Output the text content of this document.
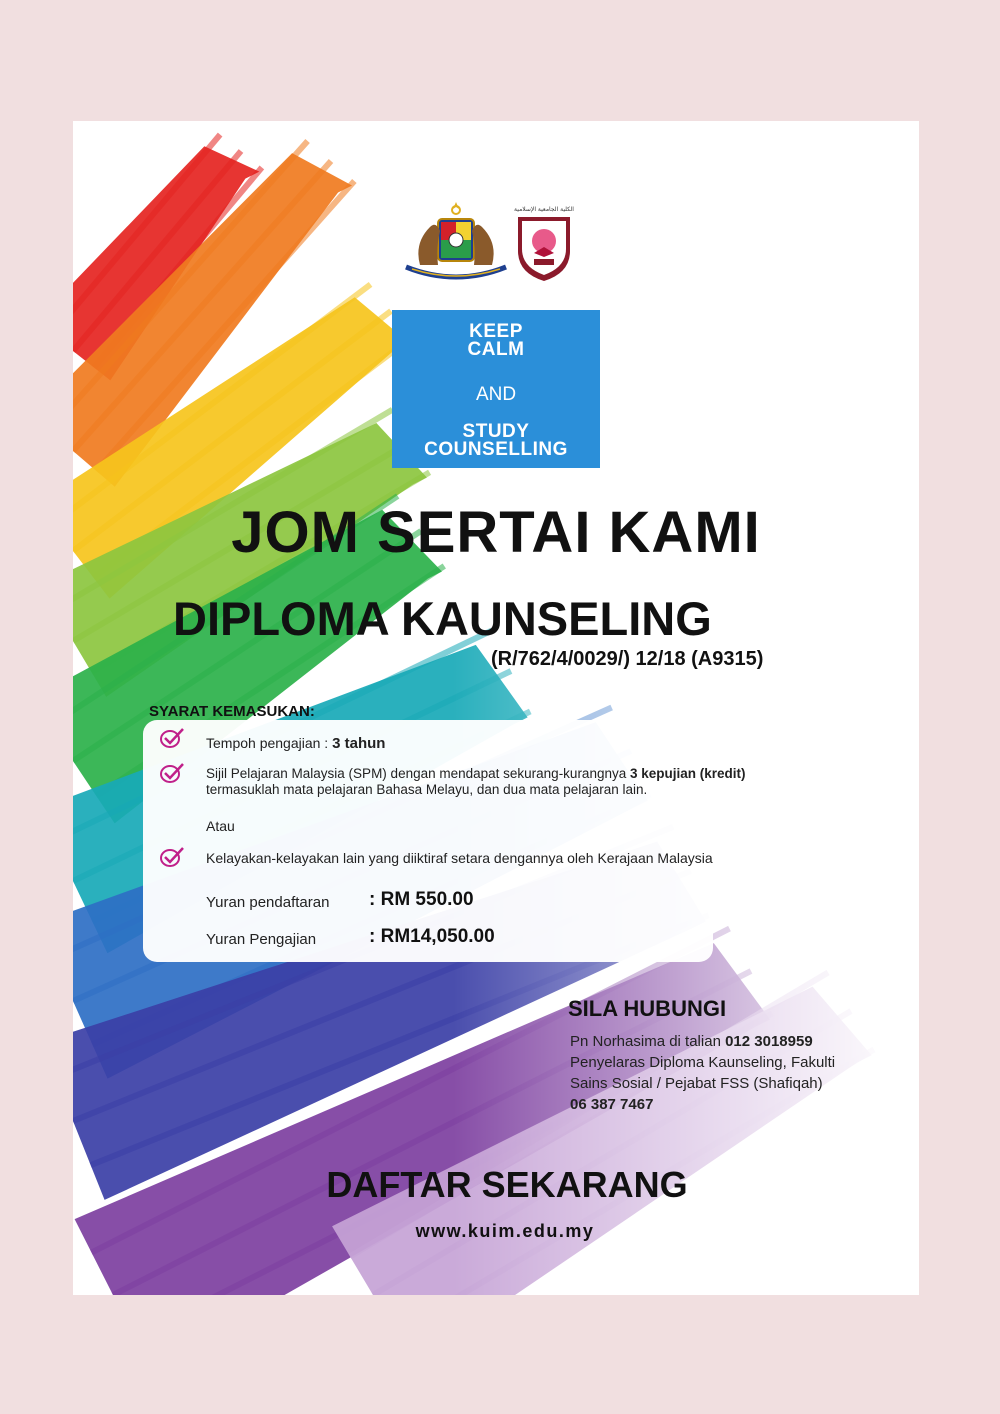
الكلية الجامعية الإسلامية
KEEP
CALM
AND
STUDY
COUNSELLING
JOM SERTAI KAMI
DIPLOMA KAUNSELING
(R/762/4/0029/) 12/18 (A9315)
SYARAT KEMASUKAN:
Tempoh pengajian : 3 tahun
Sijil Pelajaran Malaysia (SPM) dengan mendapat sekurang-kurangnya 3 kepujian (kredit)
termasuklah mata pelajaran Bahasa Melayu, dan dua mata pelajaran lain.
Atau
Kelayakan-kelayakan lain yang diiktiraf setara dengannya oleh Kerajaan Malaysia
Yuran pendaftaran : RM 550.00
Yuran Pengajian	: RM14,050.00
SILA HUBUNGI
Pn Norhasima di talian 012 3018959
Penyelaras Diploma Kaunseling, Fakulti
Sains Sosial / Pejabat FSS (Shafiqah)
06 387 7467
DAFTAR SEKARANG
www.kuim.edu.my
